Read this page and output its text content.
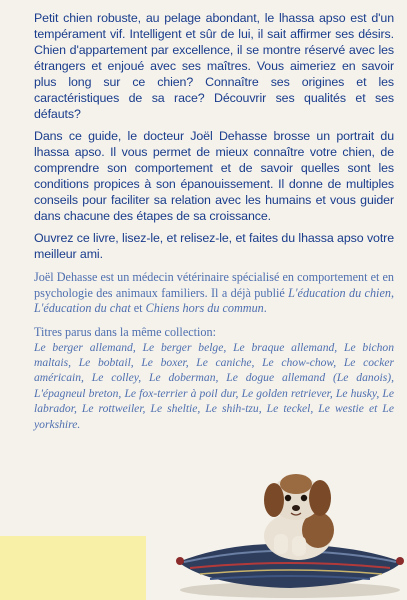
Petit chien robuste, au pelage abondant, le lhassa apso est d'un tempérament vif. Intelligent et sûr de lui, il sait affirmer ses désirs. Chien d'appartement par excellence, il se montre réservé avec les étrangers et enjoué avec ses maîtres. Vous aimeriez en savoir plus long sur ce chien? Connaître ses origines et les caractéristiques de sa race? Découvrir ses qualités et ses défauts?

Dans ce guide, le docteur Joël Dehasse brosse un portrait du lhassa apso. Il vous permet de mieux connaître votre chien, de comprendre son comportement et de savoir quelles sont les conditions propices à son épanouissement. Il donne de multiples conseils pour faciliter sa relation avec les humains et vous guider dans chacune des étapes de sa croissance.

Ouvrez ce livre, lisez-le, et relisez-le, et faites du lhassa apso votre meilleur ami.

Joël Dehasse est un médecin vétérinaire spécialisé en comportement et en psychologie des animaux familiers. Il a déjà publié L'éducation du chien, L'éducation du chat et Chiens hors du commun.

Titres parus dans la même collection:

Le berger allemand, Le berger belge, Le braque allemand, Le bichon maltais, Le bobtail, Le boxer, Le caniche, Le chow-chow, Le cocker américain, Le colley, Le doberman, Le dogue allemand (Le danois), L'épagneul breton, Le fox-terrier à poil dur, Le golden retriever, Le husky, Le labrador, Le rottweiler, Le sheltie, Le shih-tzu, Le teckel, Le westie et Le yorkshire.
